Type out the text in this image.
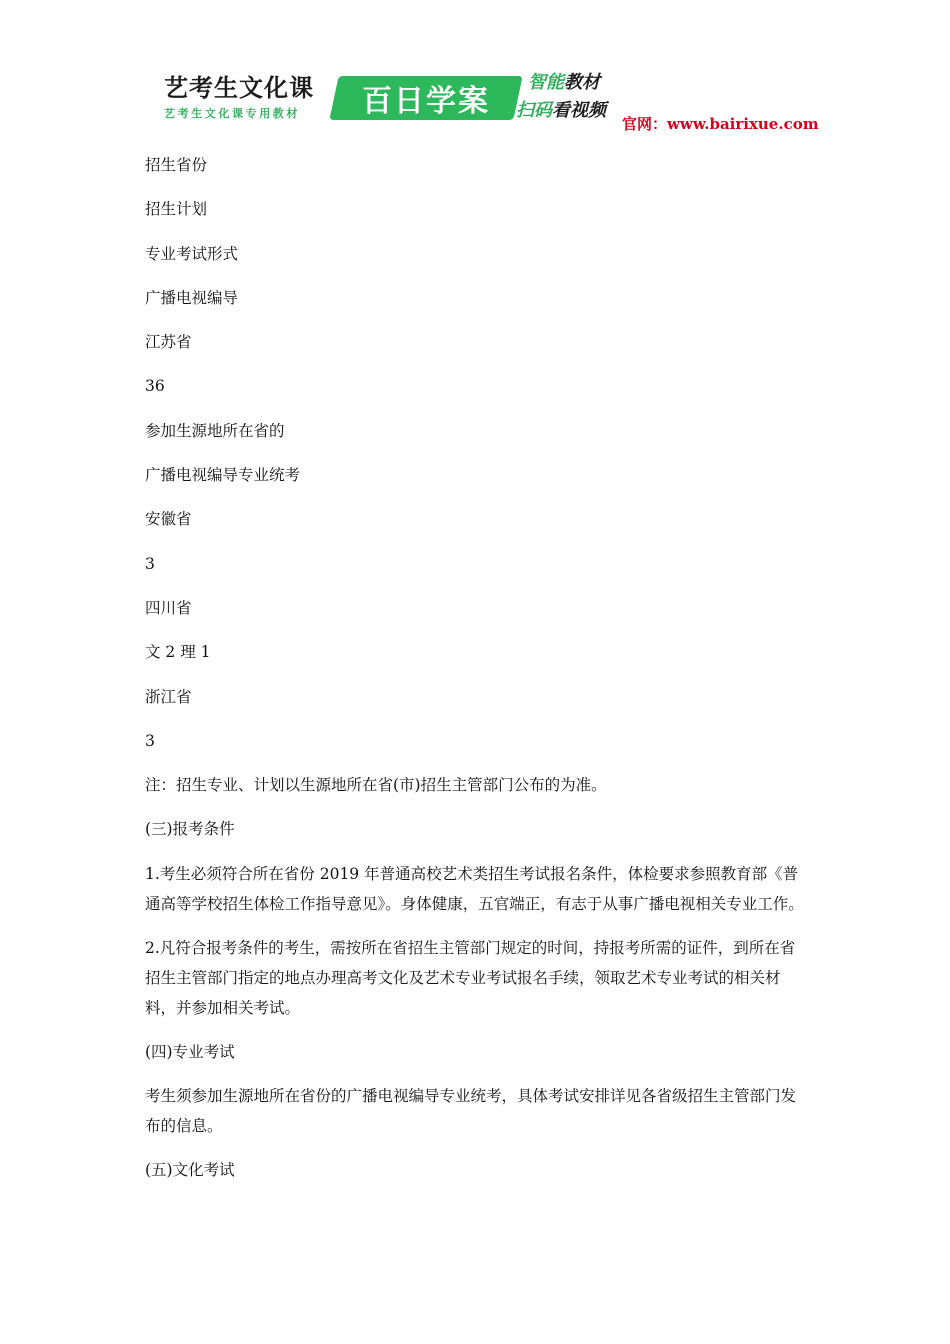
艺考生文化课
艺考生文化课专用教材	百日学案
智能教材
扫码看视频
官网：www.bairixue.com

招生省份

招生计划

专业考试形式

广播电视编导

江苏省

36

参加生源地所在省的

广播电视编导专业统考

安徽省

3

四川省

文 2 理 1

浙江省

3

注：招生专业、计划以生源地所在省(市)招生主管部门公布的为准。

(三)报考条件

1.考生必须符合所在省份 2019 年普通高校艺术类招生考试报名条件，体检要求参照教育部《普通高等学校招生体检工作指导意见》。身体健康，五官端正，有志于从事广播电视相关专业工作。

2.凡符合报考条件的考生，需按所在省招生主管部门规定的时间，持报考所需的证件，到所在省招生主管部门指定的地点办理高考文化及艺术专业考试报名手续，领取艺术专业考试的相关材料，并参加相关考试。

(四)专业考试

考生须参加生源地所在省份的广播电视编导专业统考，具体考试安排详见各省级招生主管部门发布的信息。

(五)文化考试
